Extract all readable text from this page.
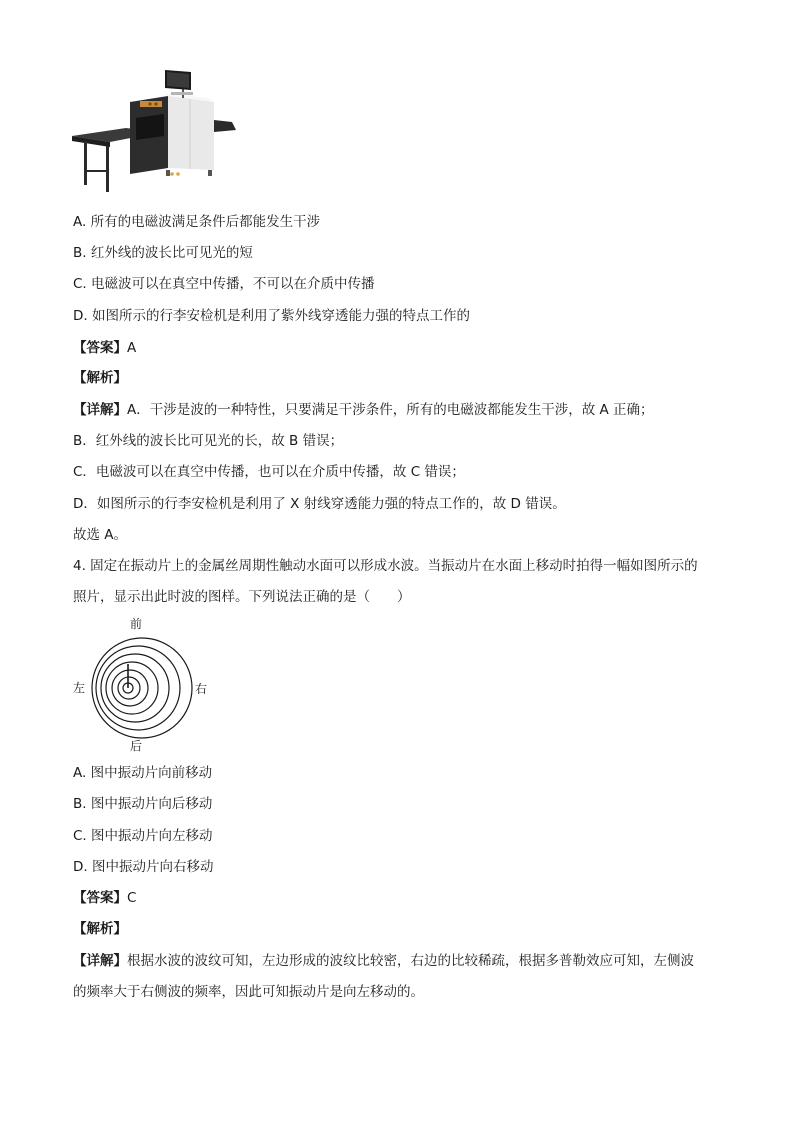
A. 所有的电磁波满足条件后都能发生干涉
B. 红外线的波长比可见光的短
C. 电磁波可以在真空中传播，不可以在介质中传播
D. 如图所示的行李安检机是利用了紫外线穿透能力强的特点工作的
【答案】A
【解析】
【详解】A．干涉是波的一种特性，只要满足干涉条件，所有的电磁波都能发生干涉，故 A 正确；
B．红外线的波长比可见光的长，故 B 错误；
C．电磁波可以在真空中传播，也可以在介质中传播，故 C 错误；
D．如图所示的行李安检机是利用了 X 射线穿透能力强的特点工作的，故 D 错误。
故选 A。
4. 固定在振动片上的金属丝周期性触动水面可以形成水波。当振动片在水面上移动时拍得一幅如图所示的
照片，显示出此时波的图样。下列说法正确的是（　　）
前
后
左	右
A. 图中振动片向前移动
B. 图中振动片向后移动
C. 图中振动片向左移动
D. 图中振动片向右移动
【答案】C
【解析】
【详解】根据水波的波纹可知，左边形成的波纹比较密，右边的比较稀疏，根据多普勒效应可知，左侧波
的频率大于右侧波的频率，因此可知振动片是向左移动的。
